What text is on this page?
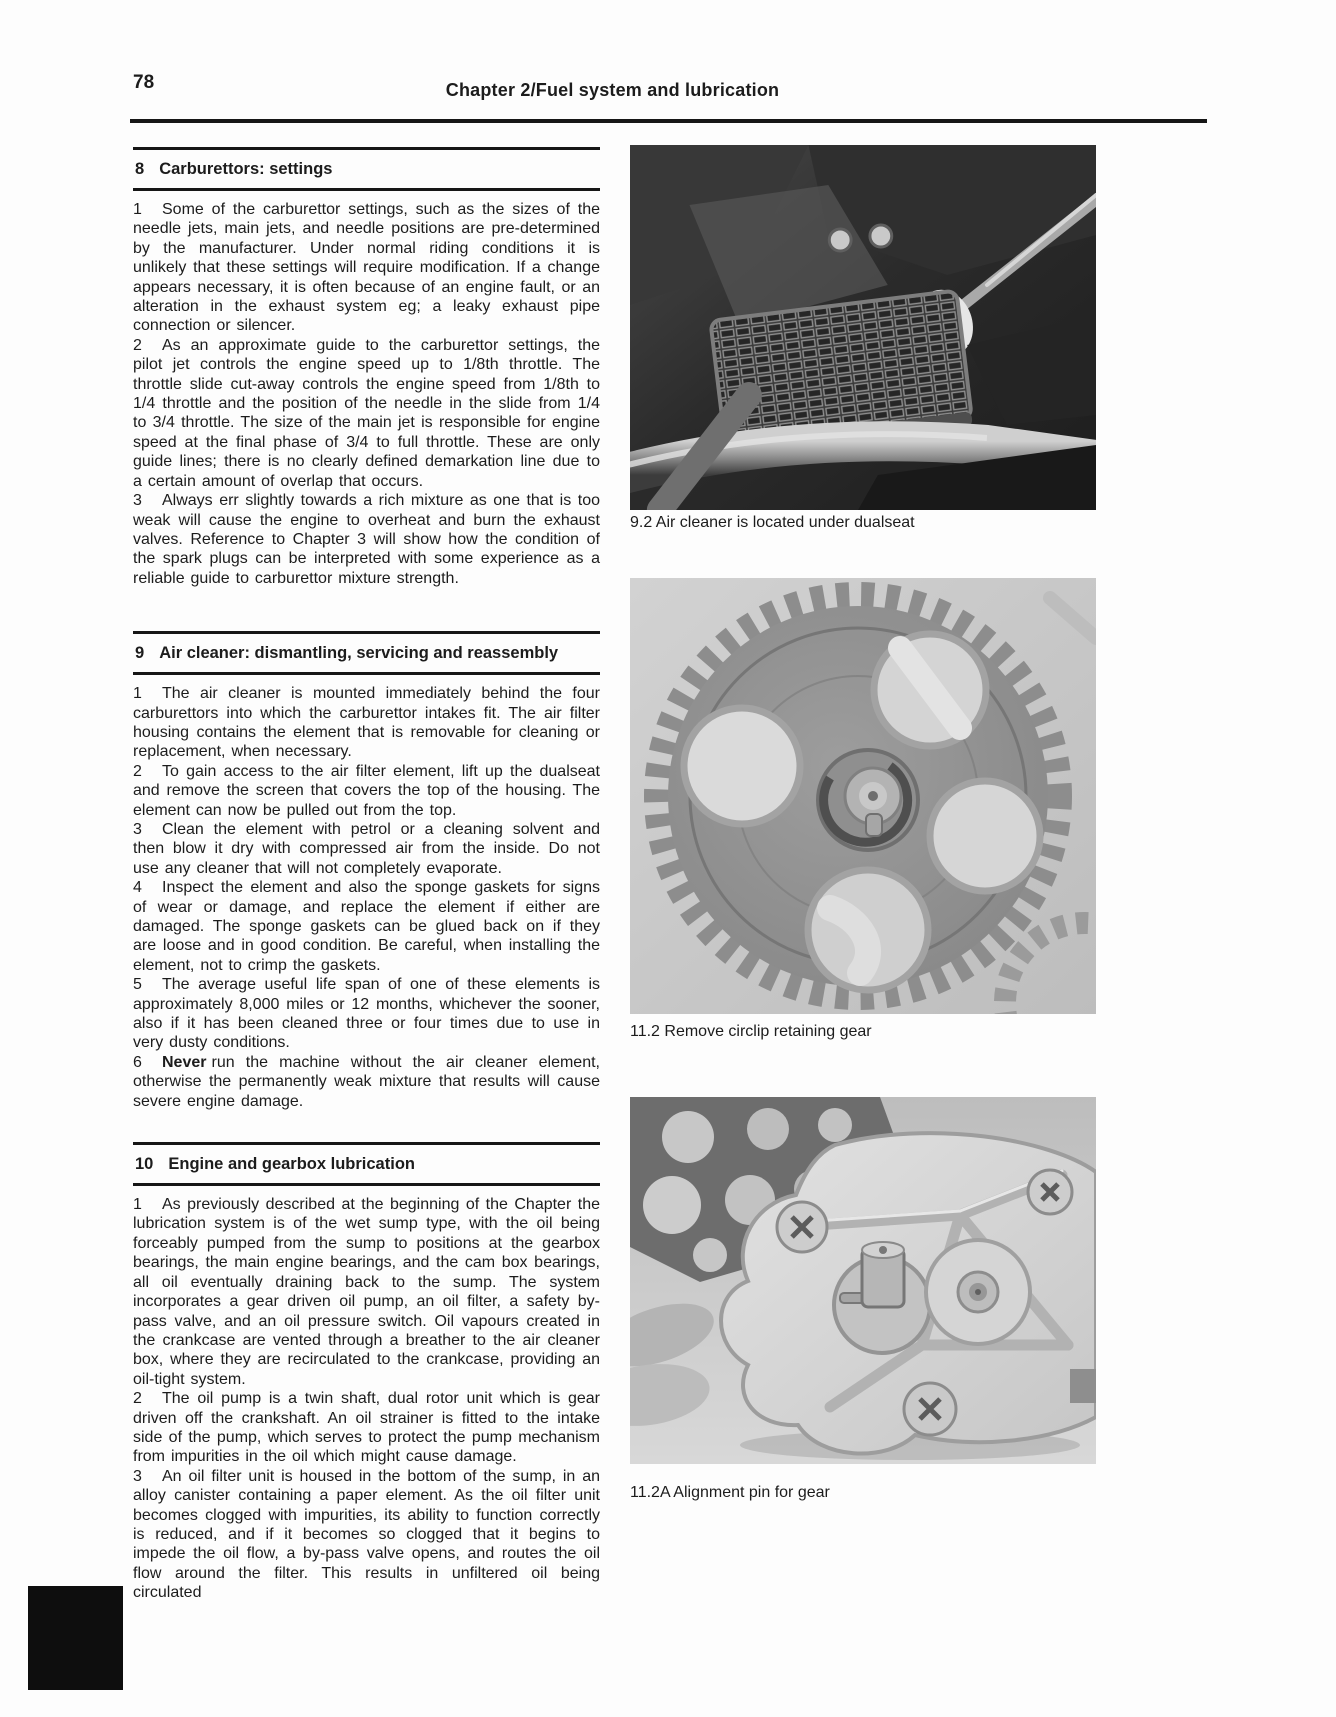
78	Chapter 2/Fuel system and lubrication
8 Carburettors: settings

1 Some of the carburettor settings, such as the sizes of the needle jets, main jets, and needle positions are pre-determined by the manufacturer. Under normal riding conditions it is unlikely that these settings will require modification. If a change appears necessary, it is often because of an engine fault, or an alteration in the exhaust system eg; a leaky exhaust pipe connection or silencer.

2 As an approximate guide to the carburettor settings, the pilot jet controls the engine speed up to 1/8th throttle. The throttle slide cut-away controls the engine speed from 1/8th to 1/4 throttle and the position of the needle in the slide from 1/4 to 3/4 throttle. The size of the main jet is responsible for engine speed at the final phase of 3/4 to full throttle. These are only guide lines; there is no clearly defined demarkation line due to a certain amount of overlap that occurs.

3 Always err slightly towards a rich mixture as one that is too weak will cause the engine to overheat and burn the exhaust valves. Reference to Chapter 3 will show how the condition of the spark plugs can be interpreted with some experience as a reliable guide to carburettor mixture strength.

9 Air cleaner: dismantling, servicing and reassembly

1 The air cleaner is mounted immediately behind the four carburettors into which the carburettor intakes fit. The air filter housing contains the element that is removable for cleaning or replacement, when necessary.

2 To gain access to the air filter element, lift up the dualseat and remove the screen that covers the top of the housing. The element can now be pulled out from the top.

3 Clean the element with petrol or a cleaning solvent and then blow it dry with compressed air from the inside. Do not use any cleaner that will not completely evaporate.

4 Inspect the element and also the sponge gaskets for signs of wear or damage, and replace the element if either are damaged. The sponge gaskets can be glued back on if they are loose and in good condition. Be careful, when installing the element, not to crimp the gaskets.

5 The average useful life span of one of these elements is approximately 8,000 miles or 12 months, whichever the sooner, also if it has been cleaned three or four times due to use in very dusty conditions.

6 Never run the machine without the air cleaner element, otherwise the permanently weak mixture that results will cause severe engine damage.

10 Engine and gearbox lubrication

1 As previously described at the beginning of the Chapter the lubrication system is of the wet sump type, with the oil being forceably pumped from the sump to positions at the gearbox bearings, the main engine bearings, and the cam box bearings, all oil eventually draining back to the sump. The system incorporates a gear driven oil pump, an oil filter, a safety by-pass valve, and an oil pressure switch. Oil vapours created in the crankcase are vented through a breather to the air cleaner box, where they are recirculated to the crankcase, providing an oil-tight system.

2 The oil pump is a twin shaft, dual rotor unit which is gear driven off the crankshaft. An oil strainer is fitted to the intake side of the pump, which serves to protect the pump mechanism from impurities in the oil which might cause damage.

3 An oil filter unit is housed in the bottom of the sump, in an alloy canister containing a paper element. As the oil filter unit becomes clogged with impurities, its ability to function correctly is reduced, and if it becomes so clogged that it begins to impede the oil flow, a by-pass valve opens, and routes the oil flow around the filter. This results in unfiltered oil being circulated

9.2 Air cleaner is located under dualseat
11.2 Remove circlip retaining gear
11.2A Alignment pin for gear
